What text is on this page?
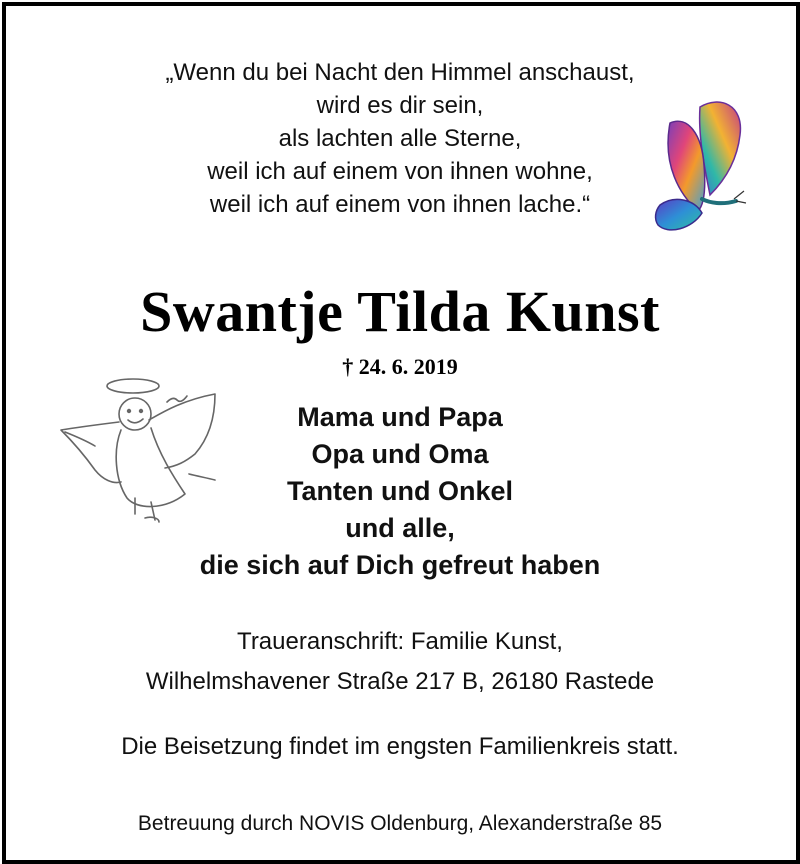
„Wenn du bei Nacht den Himmel anschaust,
wird es dir sein,
als lachten alle Sterne,
weil ich auf einem von ihnen wohne,
weil ich auf einem von ihnen lache.“
Swantje Tilda Kunst
† 24. 6. 2019
Mama und Papa
Opa und Oma
Tanten und Onkel
und alle,
die sich auf Dich gefreut haben
Traueranschrift: Familie Kunst,
Wilhelmshavener Straße 217 B, 26180 Rastede
Die Beisetzung findet im engsten Familienkreis statt.
Betreuung durch NOVIS Oldenburg, Alexanderstraße 85
